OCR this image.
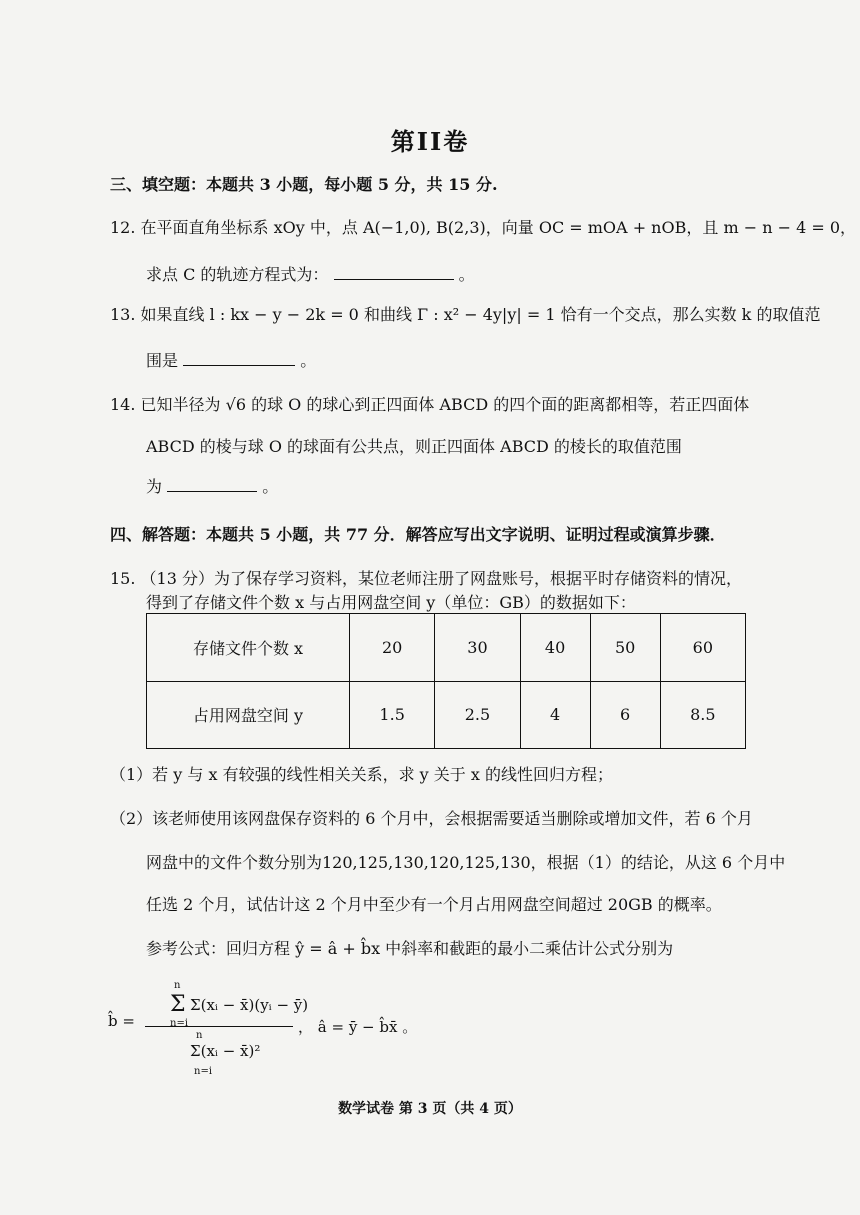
第II卷
三、填空题：本题共 3 小题，每小题 5 分，共 15 分.
12. 在平面直角坐标系 xOy 中，点 A(−1,0), B(2,3)，向量 OC = mOA + nOB，且 m − n − 4 = 0，
求点 C 的轨迹方程式为：	。
13. 如果直线 l : kx − y − 2k = 0 和曲线 Γ : x² − 4y|y| = 1 恰有一个交点，那么实数 k 的取值范
围是	。
14. 已知半径为 √6 的球 O 的球心到正四面体 ABCD 的四个面的距离都相等，若正四面体
ABCD 的棱与球 O 的球面有公共点，则正四面体 ABCD 的棱长的取值范围
为	。
四、解答题：本题共 5 小题，共 77 分．解答应写出文字说明、证明过程或演算步骤．
15. （13 分）为了保存学习资料，某位老师注册了网盘账号，根据平时存储资料的情况，
得到了存储文件个数 x 与占用网盘空间 y（单位：GB）的数据如下：
存储文件个数 x	20	30	40	50	60
占用网盘空间 y	1.5	2.5	4	6	8.5
（1）若 y 与 x 有较强的线性相关关系，求 y 关于 x 的线性回归方程；
（2）该老师使用该网盘保存资料的 6 个月中，会根据需要适当删除或增加文件，若 6 个月
网盘中的文件个数分别为120,125,130,120,125,130，根据（1）的结论，从这 6 个月中
任选 2 个月，试估计这 2 个月中至少有一个月占用网盘空间超过 20GB 的概率。
参考公式：回归方程 ŷ = â + b̂x 中斜率和截距的最小二乘估计公式分别为
b̂ =
n
Σ
n=i
Σ(xᵢ − x̄)(yᵢ − ȳ)
n
Σ(xᵢ − x̄)²
n=i
， â = ȳ − b̂x̄ 。
数学试卷 第 3 页（共 4 页）
